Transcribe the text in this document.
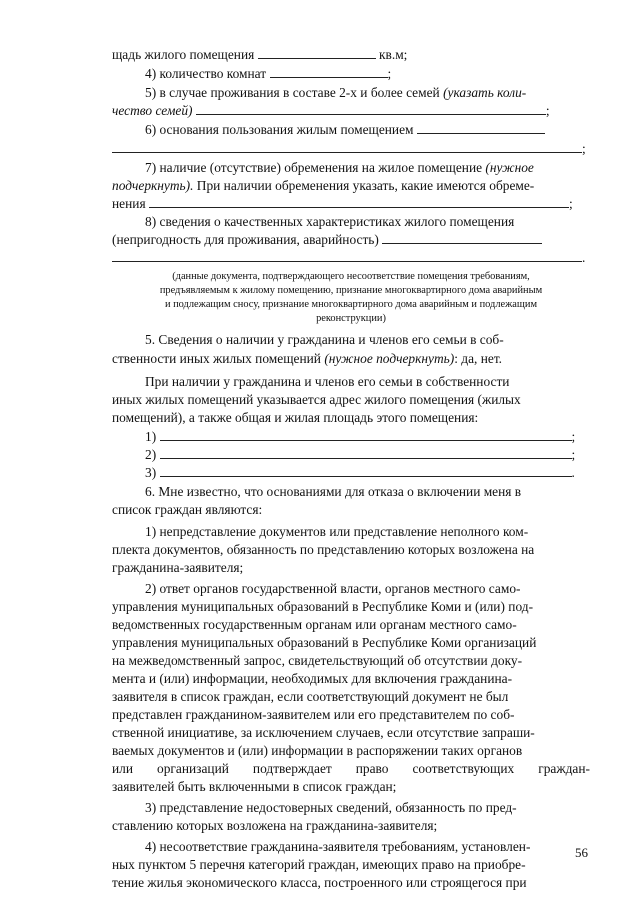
щадь жилого помещения	кв.м;
4) количество комнат	;
5) в случае проживания в составе 2-х и более семей (указать коли-
чество семей)	;
6) основания пользования жилым помещением
;
7) наличие (отсутствие) обременения на жилое помещение (нужное
подчеркнуть). При наличии обременения указать, какие имеются обреме-
нения	;
8) сведения о качественных характеристиках жилого помещения
(непригодность для проживания, аварийность)
.
(данные документа, подтверждающего несоответствие помещения требованиям,
предъявляемым к жилому помещению, признание многоквартирного дома аварийным
и подлежащим сносу, признание многоквартирного дома аварийным и подлежащим
реконструкции)
5. Сведения о наличии у гражданина и членов его семьи в соб-
ственности иных жилых помещений (нужное подчеркнуть): да, нет.
При наличии у гражданина и членов его семьи в собственности
иных жилых помещений указывается адрес жилого помещения (жилых
помещений), а также общая и жилая площадь этого помещения:
1)	;
2)	;
3)	.
6. Мне известно, что основаниями для отказа о включении меня в
список граждан являются:
1) непредставление документов или представление неполного ком-
плекта документов, обязанность по представлению которых возложена на
гражданина-заявителя;
2) ответ органов государственной власти, органов местного само-
управления муниципальных образований в Республике Коми и (или) под-
ведомственных государственным органам или органам местного само-
управления муниципальных образований в Республике Коми организаций
на межведомственный запрос, свидетельствующий об отсутствии доку-
мента и (или) информации, необходимых для включения гражданина-
заявителя в список граждан, если соответствующий документ не был
представлен гражданином-заявителем или его представителем по соб-
ственной инициативе, за исключением случаев, если отсутствие запраши-
ваемых документов и (или) информации в распоряжении таких органов
или организаций подтверждает право соответствующих граждан-
заявителей быть включенными в список граждан;
3) представление недостоверных сведений, обязанность по пред-
ставлению которых возложена на гражданина-заявителя;
4) несоответствие гражданина-заявителя требованиям, установлен-
ных пунктом 5 перечня категорий граждан, имеющих право на приобре-
тение жилья экономического класса, построенного или строящегося при
56
